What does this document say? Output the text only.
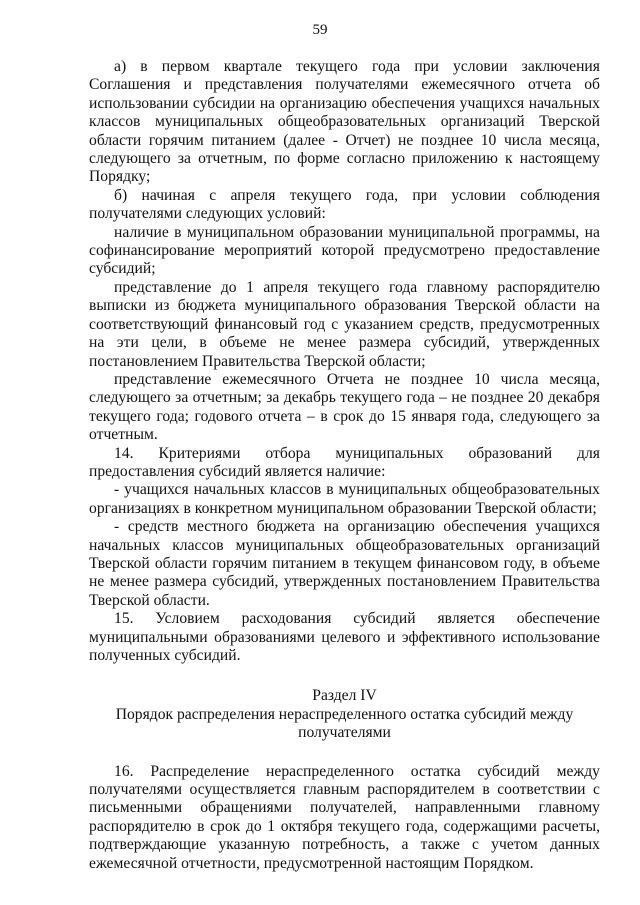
59

а) в первом квартале текущего года при условии заключения Соглашения и представления получателями ежемесячного отчета об использовании субсидии на организацию обеспечения учащихся начальных классов муниципальных общеобразовательных организаций Тверской области горячим питанием (далее - Отчет) не позднее 10 числа месяца, следующего за отчетным, по форме согласно приложению к настоящему Порядку;

б) начиная с апреля текущего года, при условии соблюдения получателями следующих условий:

наличие в муниципальном образовании муниципальной программы, на софинансирование мероприятий которой предусмотрено предоставление субсидий;

представление до 1 апреля текущего года главному распорядителю выписки из бюджета муниципального образования Тверской области на соответствующий финансовый год с указанием средств, предусмотренных на эти цели, в объеме не менее размера субсидий, утвержденных постановлением Правительства Тверской области;

представление ежемесячного Отчета не позднее 10 числа месяца, следующего за отчетным; за декабрь текущего года – не позднее 20 декабря текущего года; годового отчета – в срок до 15 января года, следующего за отчетным.

14. Критериями отбора муниципальных образований для предоставления субсидий является наличие:

- учащихся начальных классов в муниципальных общеобразовательных организациях в конкретном муниципальном образовании Тверской области;

- средств местного бюджета на организацию обеспечения учащихся начальных классов муниципальных общеобразовательных организаций Тверской области горячим питанием в текущем финансовом году, в объеме не менее размера субсидий, утвержденных постановлением Правительства Тверской области.

15. Условием расходования субсидий является обеспечение муниципальными образованиями целевого и эффективного использование полученных субсидий.

Раздел IV

Порядок распределения нераспределенного остатка субсидий между получателями

16. Распределение нераспределенного остатка субсидий между получателями осуществляется главным распорядителем в соответствии с письменными обращениями получателей, направленными главному распорядителю в срок до 1 октября текущего года, содержащими расчеты, подтверждающие указанную потребность, а также с учетом данных ежемесячной отчетности, предусмотренной настоящим Порядком.
